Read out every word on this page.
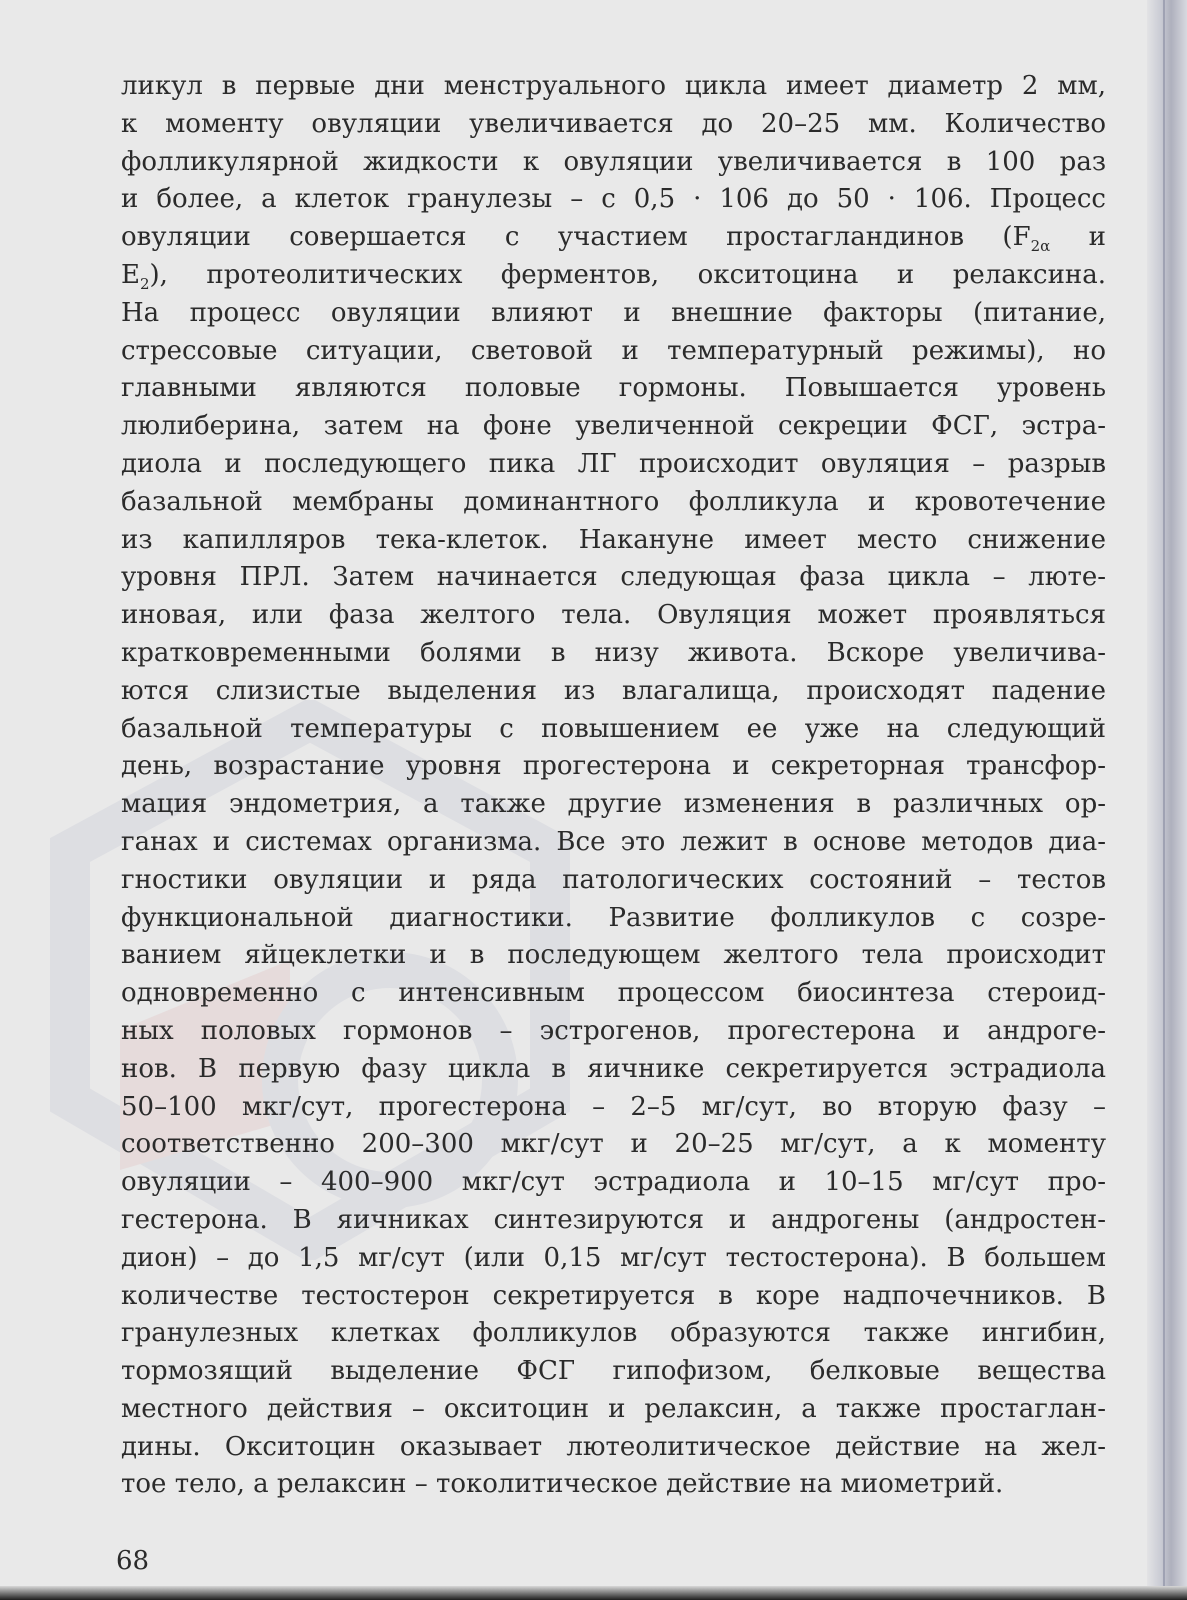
ликул в первые дни менструального цикла имеет диаметр 2 мм,
к моменту овуляции увеличивается до 20–25 мм. Количество
фолликулярной жидкости к овуляции увеличивается в 100 раз
и более, а клеток гранулезы – с 0,5 · 106 до 50 · 106. Процесс
овуляции совершается с участием простагландинов ($F_{2\alpha}$ и
$E_2$), протеолитических ферментов, окситоцина и релаксина.
На процесс овуляции влияют и внешние факторы (питание,
стрессовые ситуации, световой и температурный режимы), но
главными являются половые гормоны. Повышается уровень
люлиберина, затем на фоне увеличенной секреции ФСГ, эстра-
диола и последующего пика ЛГ происходит овуляция – разрыв
базальной мембраны доминантного фолликула и кровотечение
из капилляров тека-клеток. Накануне имеет место снижение
уровня ПРЛ. Затем начинается следующая фаза цикла – люте-
иновая, или фаза желтого тела. Овуляция может проявляться
кратковременными болями в низу живота. Вскоре увеличива-
ются слизистые выделения из влагалища, происходят падение
базальной температуры с повышением ее уже на следующий
день, возрастание уровня прогестерона и секреторная трансфор-
мация эндометрия, а также другие изменения в различных ор-
ганах и системах организма. Все это лежит в основе методов диа-
гностики овуляции и ряда патологических состояний – тестов
функциональной диагностики. Развитие фолликулов с созре-
ванием яйцеклетки и в последующем желтого тела происходит
одновременно с интенсивным процессом биосинтеза стероид-
ных половых гормонов – эстрогенов, прогестерона и андроге-
нов. В первую фазу цикла в яичнике секретируется эстрадиола
50–100 мкг/сут, прогестерона – 2–5 мг/сут, во вторую фазу –
соответственно 200–300 мкг/сут и 20–25 мг/сут, а к моменту
овуляции – 400–900 мкг/сут эстрадиола и 10–15 мг/сут про-
гестерона. В яичниках синтезируются и андрогены (андростен-
дион) – до 1,5 мг/сут (или 0,15 мг/сут тестостерона). В большем
количестве тестостерон секретируется в коре надпочечников. В
гранулезных клетках фолликулов образуются также ингибин,
тормозящий выделение ФСГ гипофизом, белковые вещества
местного действия – окситоцин и релаксин, а также простаглан-
дины. Окситоцин оказывает лютеолитическое действие на жел-
тое тело, а релаксин – токолитическое действие на миометрий.
68
